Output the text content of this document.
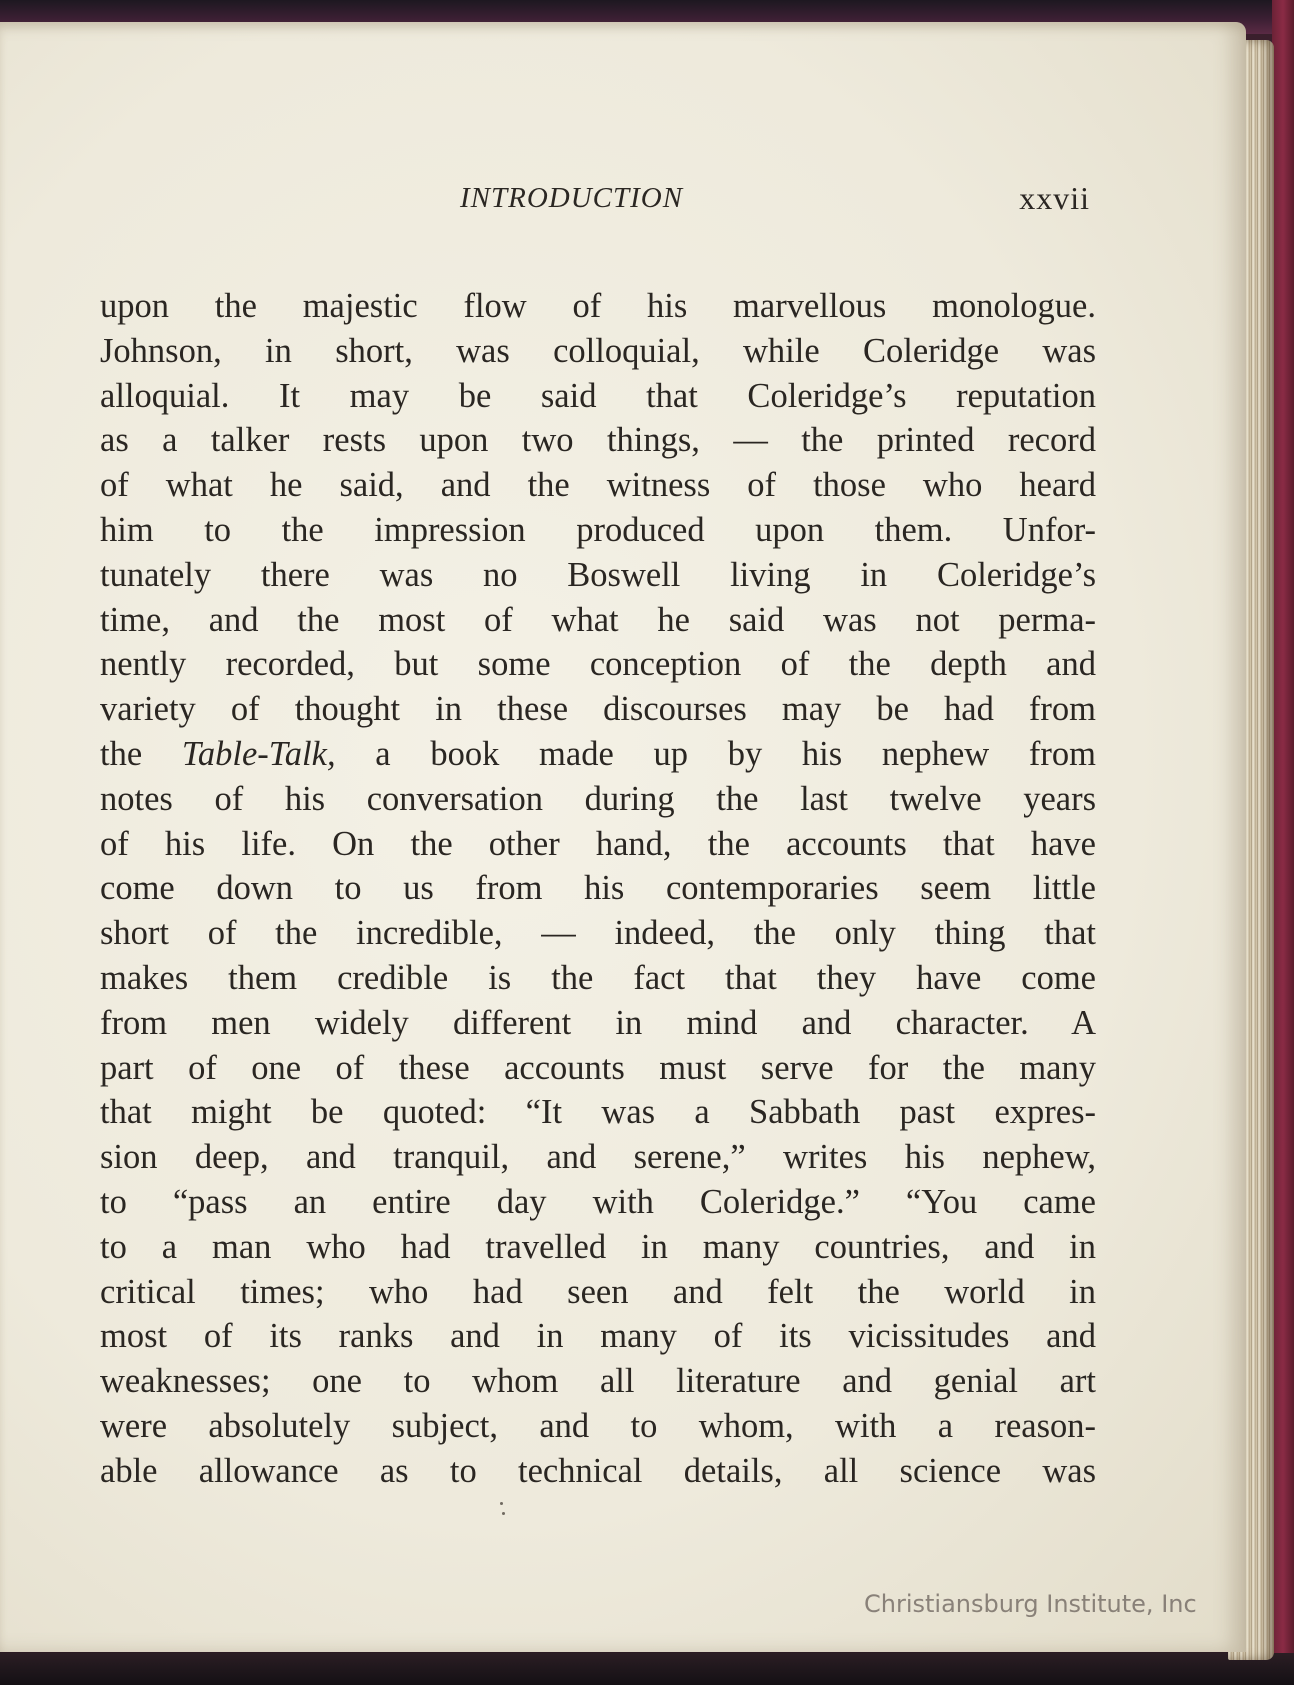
INTRODUCTION	xxvii
upon the majestic flow of his marvellous monologue.
Johnson, in short, was colloquial, while Coleridge was
alloquial. It may be said that Coleridge’s reputation
as a talker rests upon two things, — the printed record
of what he said, and the witness of those who heard
him to the impression produced upon them. Unfor-
tunately there was no Boswell living in Coleridge’s
time, and the most of what he said was not perma-
nently recorded, but some conception of the depth and
variety of thought in these discourses may be had from
the Table-Talk, a book made up by his nephew from
notes of his conversation during the last twelve years
of his life. On the other hand, the accounts that have
come down to us from his contemporaries seem little
short of the incredible, — indeed, the only thing that
makes them credible is the fact that they have come
from men widely different in mind and character. A
part of one of these accounts must serve for the many
that might be quoted: “It was a Sabbath past expres-
sion deep, and tranquil, and serene,” writes his nephew,
to “pass an entire day with Coleridge.” “You came
to a man who had travelled in many countries, and in
critical times; who had seen and felt the world in
most of its ranks and in many of its vicissitudes and
weaknesses; one to whom all literature and genial art
were absolutely subject, and to whom, with a reason-
able allowance as to technical details, all science was
Christiansburg Institute, Inc
